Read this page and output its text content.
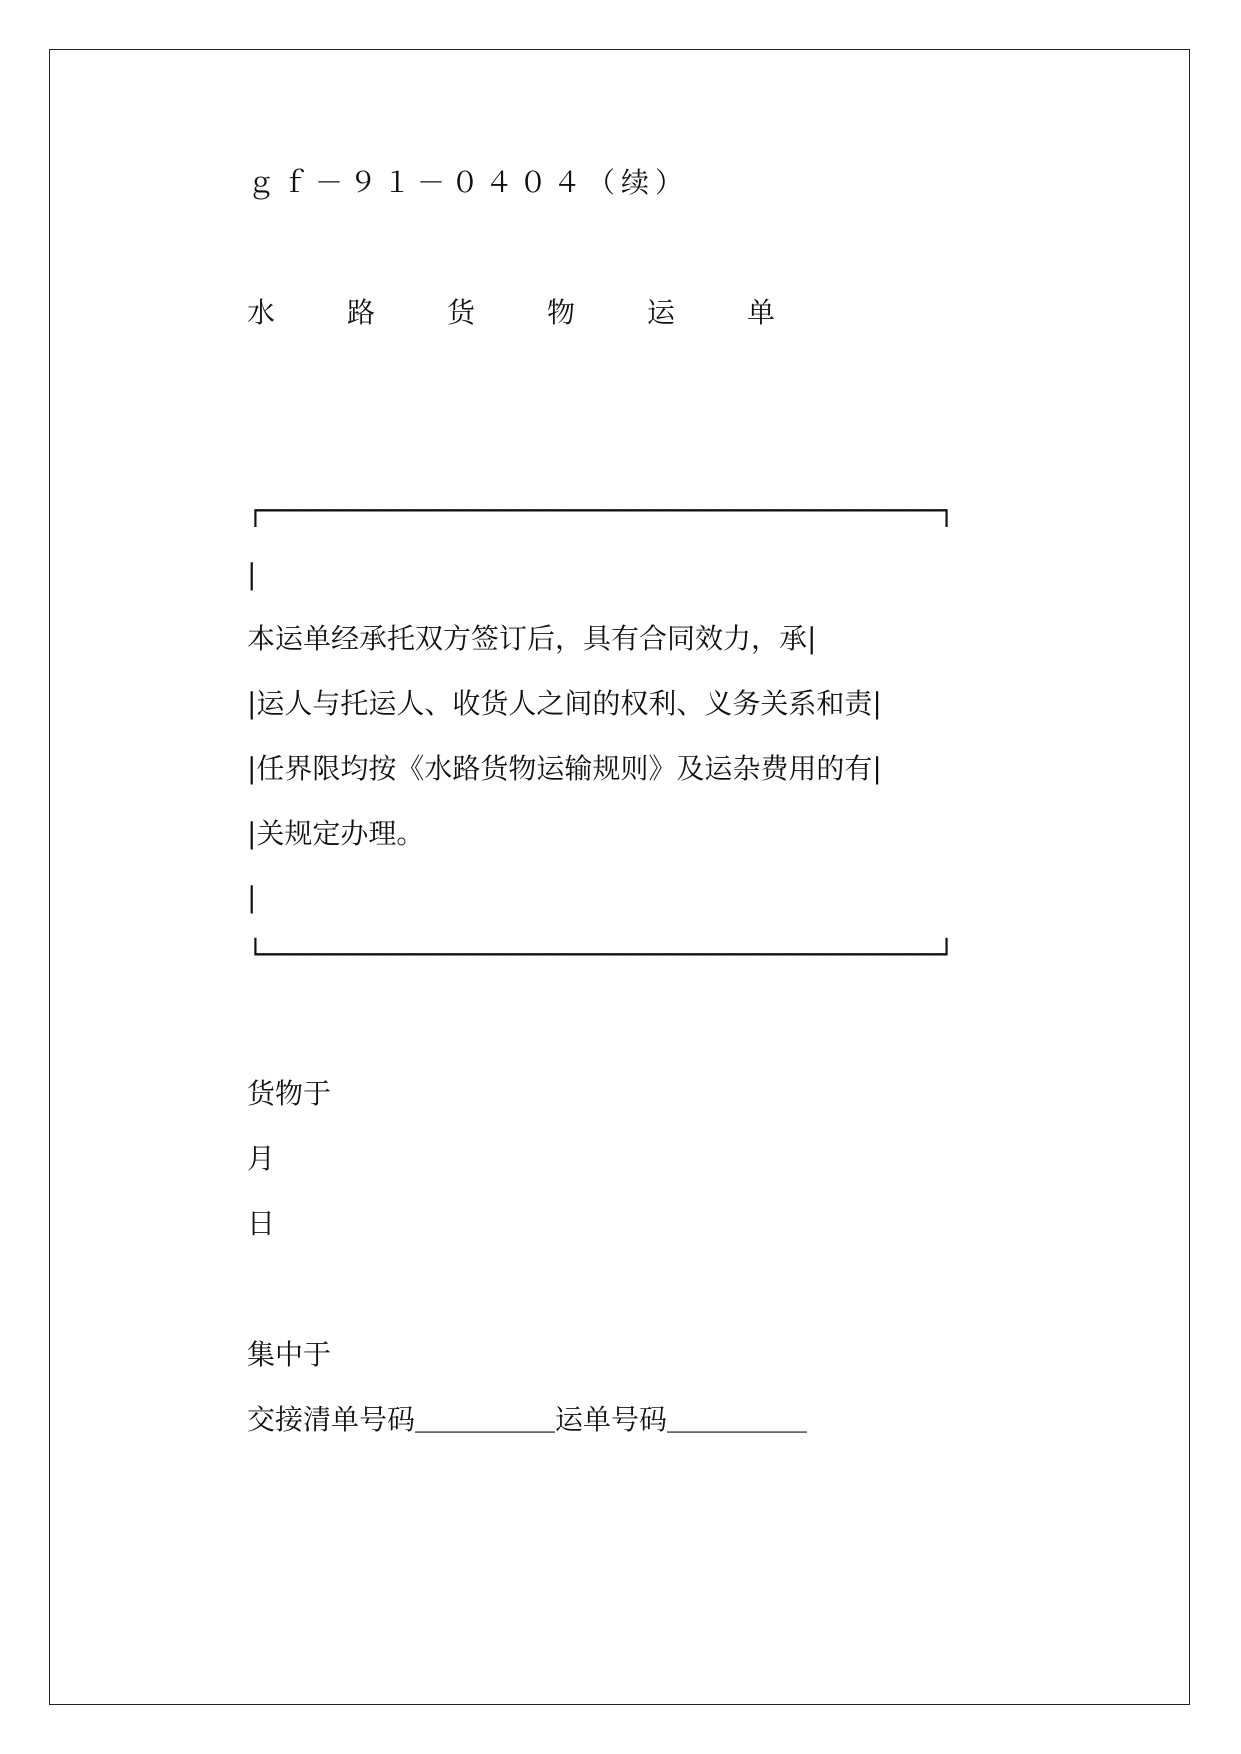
ｇｆ－９１－０４０４（续）
水　路　货　物　运　单
┌────────────────────────────────────────┐
|
本运单经承托双方签订后，具有合同效力，承|
|运人与托运人、收货人之间的权利、义务关系和责|
|任界限均按《水路货物运输规则》及运杂费用的有|
|关规定办理。
|
└────────────────────────────────────────┘
货物于
月
日
集中于
交接清单号码＿＿＿＿＿运单号码＿＿＿＿＿
